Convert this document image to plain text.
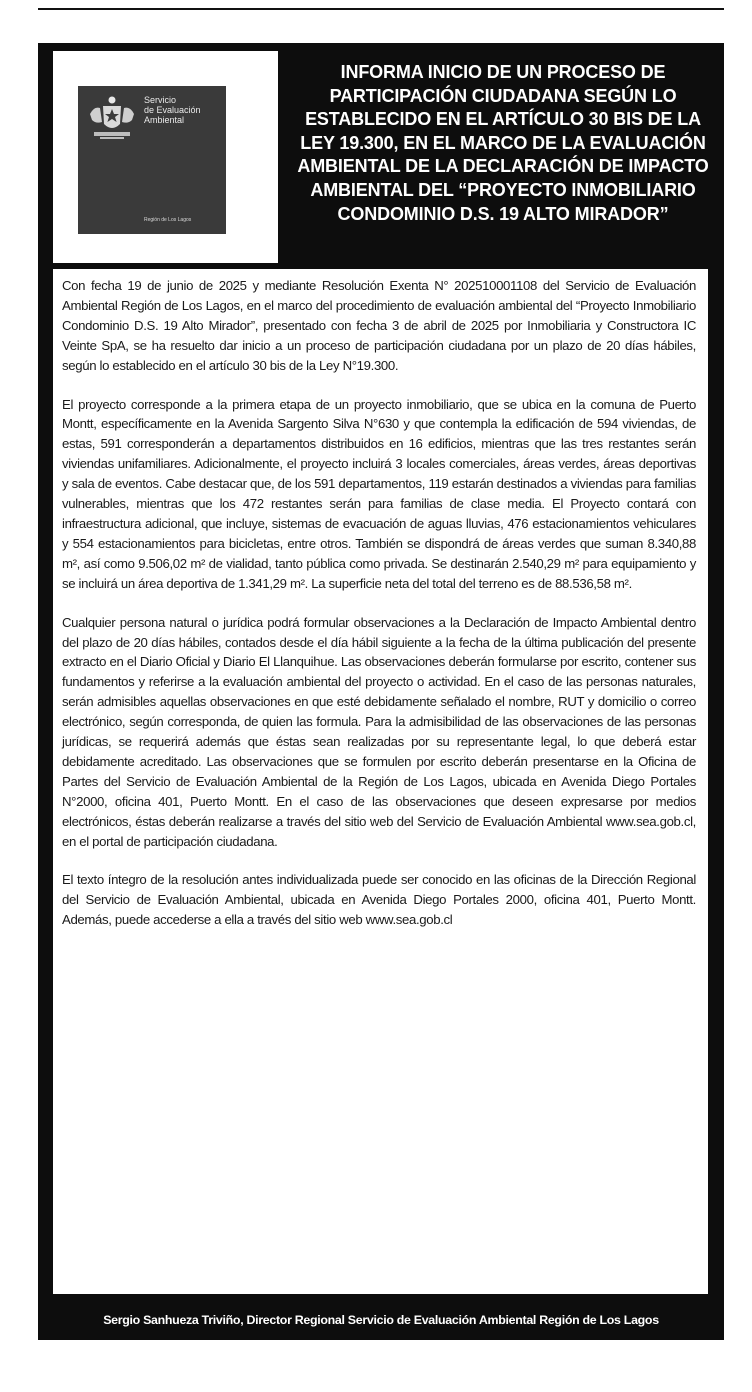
Servicio
de Evaluación
Ambiental
Región de Los Lagos
INFORMA INICIO DE UN PROCESO DE PARTICIPACIÓN CIUDADANA SEGÚN LO ESTABLECIDO EN EL ARTÍCULO 30 BIS DE LA LEY 19.300, EN EL MARCO DE LA EVALUACIÓN AMBIENTAL DE LA DECLARACIÓN DE IMPACTO AMBIENTAL DEL “PROYECTO INMOBILIARIO CONDOMINIO D.S. 19 ALTO MIRADOR”

Con fecha 19 de junio de 2025 y mediante Resolución Exenta N° 202510001108 del Servicio de Evaluación Ambiental Región de Los Lagos, en el marco del procedimiento de evaluación ambiental del “Proyecto Inmobiliario Condominio D.S. 19 Alto Mirador”, presentado con fecha 3 de abril de 2025 por Inmobiliaria y Constructora IC Veinte SpA, se ha resuelto dar inicio a un proceso de participación ciudadana por un plazo de 20 días hábiles, según lo establecido en el artículo 30 bis de la Ley N°19.300.

El proyecto corresponde a la primera etapa de un proyecto inmobiliario, que se ubica en la comuna de Puerto Montt, específicamente en la Avenida Sargento Silva N°630 y que contempla la edificación de 594 viviendas, de estas, 591 corresponderán a departamentos distribuidos en 16 edificios, mientras que las tres restantes serán viviendas unifamiliares. Adicionalmente, el proyecto incluirá 3 locales comerciales, áreas verdes, áreas deportivas y sala de eventos. Cabe destacar que, de los 591 departamentos, 119 estarán destinados a viviendas para familias vulnerables, mientras que los 472 restantes serán para familias de clase media. El Proyecto contará con infraestructura adicional, que incluye, sistemas de evacuación de aguas lluvias, 476 estacionamientos vehiculares y 554 estacionamientos para bicicletas, entre otros. También se dispondrá de áreas verdes que suman 8.340,88 m², así como 9.506,02 m² de vialidad, tanto pública como privada. Se destinarán 2.540,29 m² para equipamiento y se incluirá un área deportiva de 1.341,29 m². La superficie neta del total del terreno es de 88.536,58 m².

Cualquier persona natural o jurídica podrá formular observaciones a la Declaración de Impacto Ambiental dentro del plazo de 20 días hábiles, contados desde el día hábil siguiente a la fecha de la última publicación del presente extracto en el Diario Oficial y Diario El Llanquihue. Las observaciones deberán formularse por escrito, contener sus fundamentos y referirse a la evaluación ambiental del proyecto o actividad. En el caso de las personas naturales, serán admisibles aquellas observaciones en que esté debidamente señalado el nombre, RUT y domicilio o correo electrónico, según corresponda, de quien las formula. Para la admisibilidad de las observaciones de las personas jurídicas, se requerirá además que éstas sean realizadas por su representante legal, lo que deberá estar debidamente acreditado. Las observaciones que se formulen por escrito deberán presentarse en la Oficina de Partes del Servicio de Evaluación Ambiental de la Región de Los Lagos, ubicada en Avenida Diego Portales N°2000, oficina 401, Puerto Montt. En el caso de las observaciones que deseen expresarse por medios electrónicos, éstas deberán realizarse a través del sitio web del Servicio de Evaluación Ambiental www.sea.gob.cl, en el portal de participación ciudadana.

El texto íntegro de la resolución antes individualizada puede ser conocido en las oficinas de la Dirección Regional del Servicio de Evaluación Ambiental, ubicada en Avenida Diego Portales 2000, oficina 401, Puerto Montt. Además, puede accederse a ella a través del sitio web www.sea.gob.cl

Sergio Sanhueza Triviño, Director Regional Servicio de Evaluación Ambiental Región de Los Lagos
